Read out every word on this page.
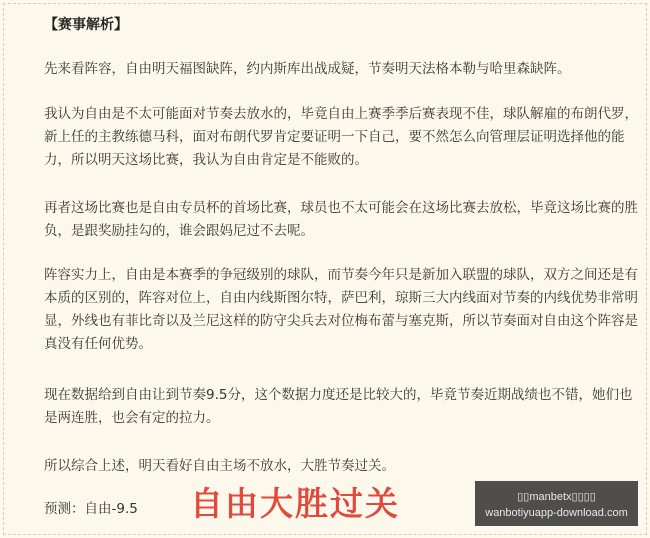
【赛事解析】

先来看阵容，自由明天福图缺阵，约内斯库出战成疑，节奏明天法格本勒与哈里森缺阵。

我认为自由是不太可能面对节奏去放水的，毕竟自由上赛季季后赛表现不佳，球队解雇的布朗代罗，新上任的主教练德马科，面对布朗代罗肯定要证明一下自己，要不然怎么向管理层证明选择他的能力，所以明天这场比赛，我认为自由肯定是不能败的。

再者这场比赛也是自由专员杯的首场比赛，球员也不太可能会在这场比赛去放松，毕竟这场比赛的胜负，是跟奖励挂勾的，谁会跟妈尼过不去呢。

阵容实力上，自由是本赛季的争冠级别的球队，而节奏今年只是新加入联盟的球队，双方之间还是有本质的区别的，阵容对位上，自由内线斯图尔特，萨巴利，琼斯三大内线面对节奏的内线优势非常明显，外线也有菲比奇以及兰尼这样的防守尖兵去对位梅布蕾与塞克斯，所以节奏面对自由这个阵容是真没有任何优势。

现在数据给到自由让到节奏9.5分，这个数据力度还是比较大的，毕竟节奏近期战绩也不错，她们也是两连胜，也会有定的拉力。

所以综合上述，明天看好自由主场不放水，大胜节奏过关。

预测：自由-9.5	自由大胜过关	▯▯manbetx▯▯▯▯
wanbotiyuapp-download.com
